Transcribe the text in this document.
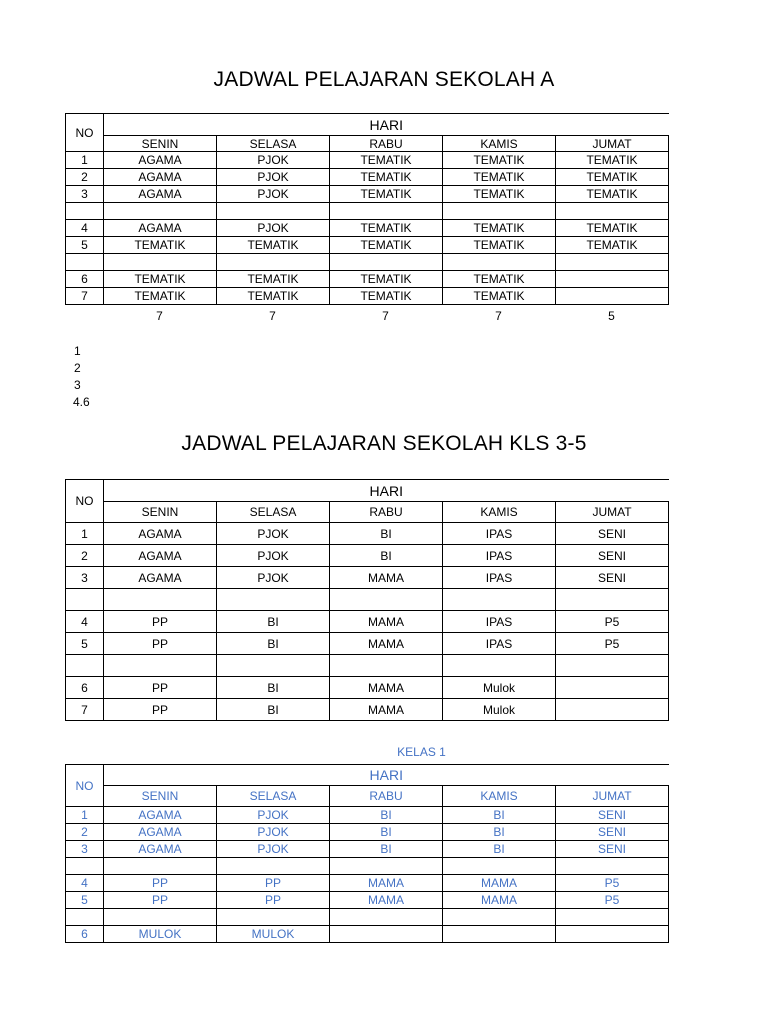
JADWAL PELAJARAN SEKOLAH A
NO	HARI				
	SENIN	SELASA	RABU	KAMIS	JUMAT
1	AGAMA	PJOK	TEMATIK	TEMATIK	TEMATIK
2	AGAMA	PJOK	TEMATIK	TEMATIK	TEMATIK
3	AGAMA	PJOK	TEMATIK	TEMATIK	TEMATIK

4	AGAMA	PJOK	TEMATIK	TEMATIK	TEMATIK
5	TEMATIK	TEMATIK	TEMATIK	TEMATIK	TEMATIK

6	TEMATIK	TEMATIK	TEMATIK	TEMATIK	
7	TEMATIK	TEMATIK	TEMATIK	TEMATIK	
7	7	7	7	5
1
2
3
4.6
JADWAL PELAJARAN SEKOLAH KLS 3-5
NO	HARI				
	SENIN	SELASA	RABU	KAMIS	JUMAT
1	AGAMA	PJOK	BI	IPAS	SENI
2	AGAMA	PJOK	BI	IPAS	SENI
3	AGAMA	PJOK	MAMA	IPAS	SENI

4	PP	BI	MAMA	IPAS	P5
5	PP	BI	MAMA	IPAS	P5

6	PP	BI	MAMA	Mulok	
7	PP	BI	MAMA	Mulok	
KELAS 1
NO	HARI				
	SENIN	SELASA	RABU	KAMIS	JUMAT
1	AGAMA	PJOK	BI	BI	SENI
2	AGAMA	PJOK	BI	BI	SENI
3	AGAMA	PJOK	BI	BI	SENI

4	PP	PP	MAMA	MAMA	P5
5	PP	PP	MAMA	MAMA	P5

6	MULOK	MULOK			
